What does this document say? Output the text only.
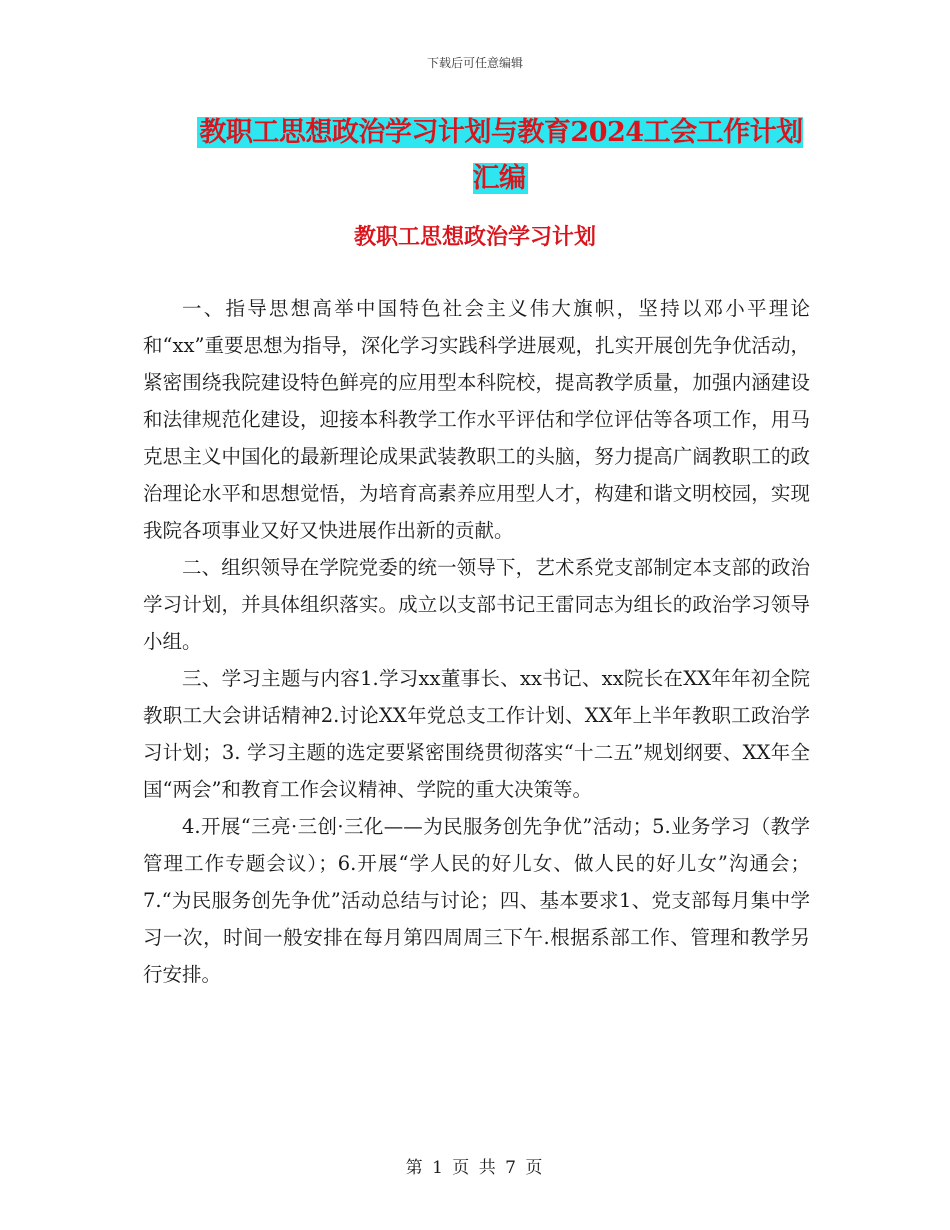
下载后可任意编辑
教职工思想政治学习计划与教育2024工会工作计划汇编
教职工思想政治学习计划

一、指导思想高举中国特色社会主义伟大旗帜，坚持以邓小平理论和“xx”重要思想为指导，深化学习实践科学进展观，扎实开展创先争优活动，紧密围绕我院建设特色鲜亮的应用型本科院校，提高教学质量，加强内涵建设和法律规范化建设，迎接本科教学工作水平评估和学位评估等各项工作，用马克思主义中国化的最新理论成果武装教职工的头脑，努力提高广阔教职工的政治理论水平和思想觉悟，为培育高素养应用型人才，构建和谐文明校园，实现我院各项事业又好又快进展作出新的贡献。

二、组织领导在学院党委的统一领导下，艺术系党支部制定本支部的政治学习计划，并具体组织落实。成立以支部书记王雷同志为组长的政治学习领导小组。

三、学习主题与内容1.学习xx董事长、xx书记、xx院长在XX年年初全院教职工大会讲话精神2.讨论XX年党总支工作计划、XX年上半年教职工政治学习计划；3. 学习主题的选定要紧密围绕贯彻落实“十二五”规划纲要、XX年全国“两会”和教育工作会议精神、学院的重大决策等。

4.开展“三亮·三创·三化——为民服务创先争优”活动；5.业务学习（教学管理工作专题会议）；6.开展“学人民的好儿女、做人民的好儿女”沟通会；7.“为民服务创先争优”活动总结与讨论；四、基本要求1、党支部每月集中学习一次，时间一般安排在每月第四周周三下午.根据系部工作、管理和教学另行安排。

第 1 页 共 7 页
